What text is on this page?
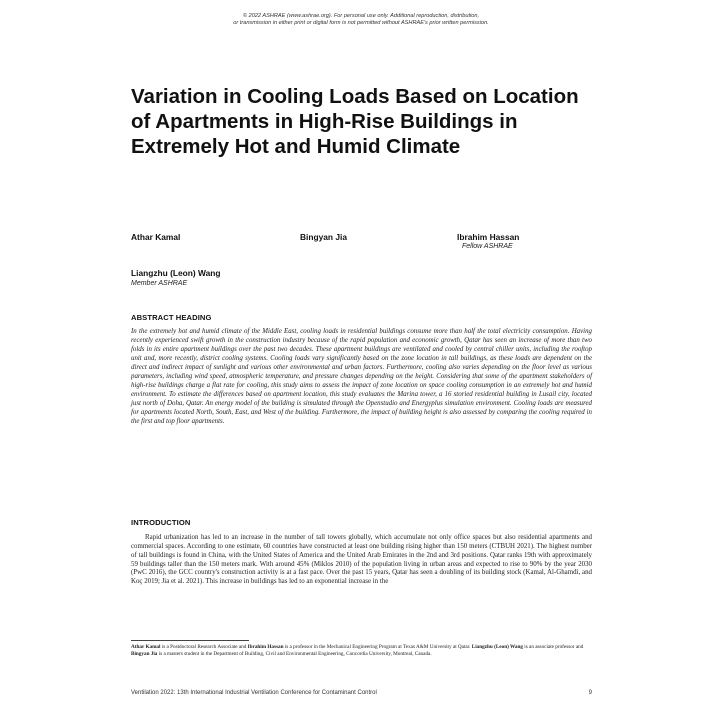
© 2022 ASHRAE (www.ashrae.org). For personal use only. Additional reproduction, distribution,
or transmission in either print or digital form is not permitted without ASHRAE's prior written permission.
Variation in Cooling Loads Based on Location of Apartments in High-Rise Buildings in Extremely Hot and Humid Climate
Athar Kamal	Bingyan Jia	Ibrahim Hassan
Fellow ASHRAE
Liangzhu (Leon) Wang
Member ASHRAE
ABSTRACT HEADING

In the extremely hot and humid climate of the Middle East, cooling loads in residential buildings consume more than half the total electricity consumption. Having recently experienced swift growth in the construction industry because of the rapid population and economic growth, Qatar has seen an increase of more than two folds in its entire apartment buildings over the past two decades. These apartment buildings are ventilated and cooled by central chiller units, including the rooftop unit and, more recently, district cooling systems. Cooling loads vary significantly based on the zone location in tall buildings, as these loads are dependent on the direct and indirect impact of sunlight and various other environmental and urban factors. Furthermore, cooling also varies depending on the floor level as various parameters, including wind speed, atmospheric temperature, and pressure changes depending on the height. Considering that some of the apartment stakeholders of high-rise buildings charge a flat rate for cooling, this study aims to assess the impact of zone location on space cooling consumption in an extremely hot and humid environment. To estimate the differences based on apartment location, this study evaluates the Marina tower, a 16 storied residential building in Lusail city, located just north of Doha, Qatar. An energy model of the building is simulated through the Openstudio and Energyplus simulation environment. Cooling loads are measured for apartments located North, South, East, and West of the building. Furthermore, the impact of building height is also assessed by comparing the cooling required in the first and top floor apartments.

INTRODUCTION

Rapid urbanization has led to an increase in the number of tall towers globally, which accumulate not only office spaces but also residential apartments and commercial spaces. According to one estimate, 60 countries have constructed at least one building rising higher than 150 meters (CTBUH 2021). The highest number of tall buildings is found in China, with the United States of America and the United Arab Emirates in the 2nd and 3rd positions. Qatar ranks 19th with approximately 59 buildings taller than the 150 meters mark. With around 45% (Miklos 2010) of the population living in urban areas and expected to rise to 90% by the year 2030 (PwC 2016), the GCC country's construction activity is at a fast pace. Over the past 15 years, Qatar has seen a doubling of its building stock (Kamal, Al-Ghamdi, and Koç 2019; Jia et al. 2021). This increase in buildings has led to an exponential increase in the

Athar Kamal is a Postdoctoral Research Associate and Ibrahim Hassan is a professor in the Mechanical Engineering Program at Texas A&M University at Qatar. Liangzhu (Leon) Wang is an associate professor and Bingyan Jia is a masters student in the Department of Building, Civil and Environmental Engineering, Concordia University, Montreal, Canada.

Ventilation 2022: 13th International Industrial Ventilation Conference for Contaminant Control	9
